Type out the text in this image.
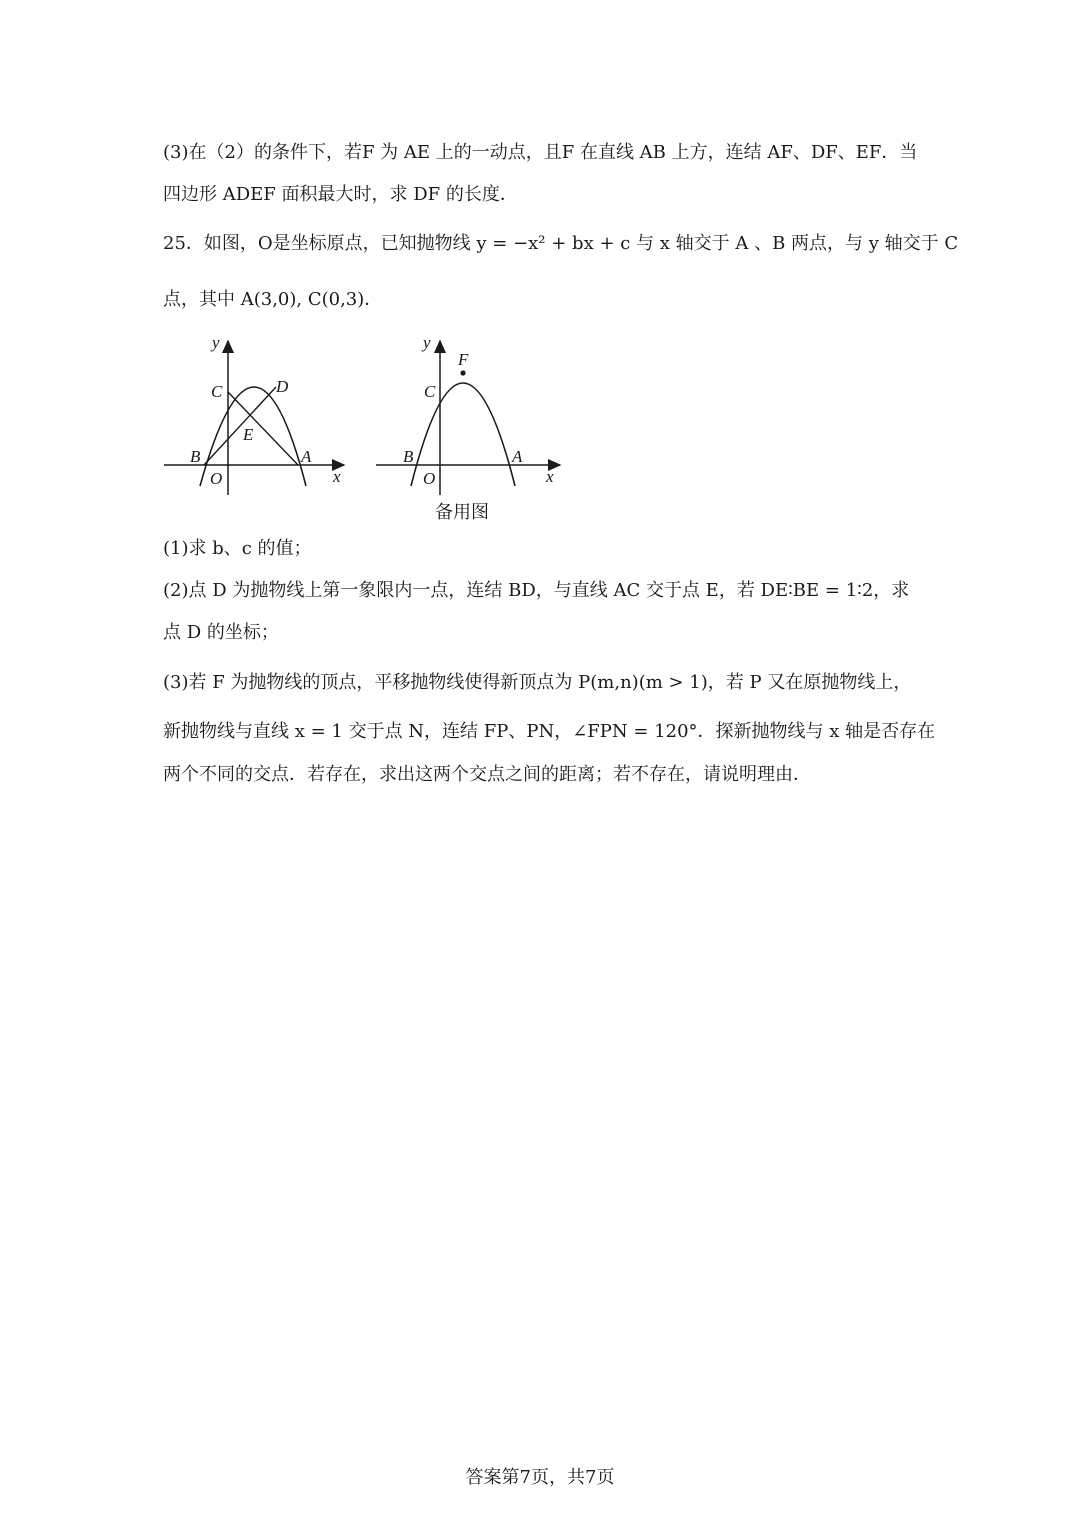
(3)在（2）的条件下，若F 为 AE 上的一动点，且F 在直线 AB 上方，连结 AF、DF、EF．当
四边形 ADEF 面积最大时，求 DF 的长度．
25．如图，O是坐标原点，已知抛物线 y = −x² + bx + c 与 x 轴交于 A 、B 两点，与 y 轴交于 C
点，其中 A(3,0), C(0,3)．
y
x
O
A
B
C	D
E
y
x
O
A
B
C
F
备用图
(1)求 b、c 的值；
(2)点 D 为抛物线上第一象限内一点，连结 BD，与直线 AC 交于点 E，若 DE∶BE = 1∶2，求
点 D 的坐标；
(3)若 F 为抛物线的顶点，平移抛物线使得新顶点为 P(m,n)(m > 1)，若 P 又在原抛物线上，
新抛物线与直线 x = 1 交于点 N，连结 FP、PN，∠FPN = 120°．探新抛物线与 x 轴是否存在
两个不同的交点．若存在，求出这两个交点之间的距离；若不存在，请说明理由．
答案第7页，共7页
